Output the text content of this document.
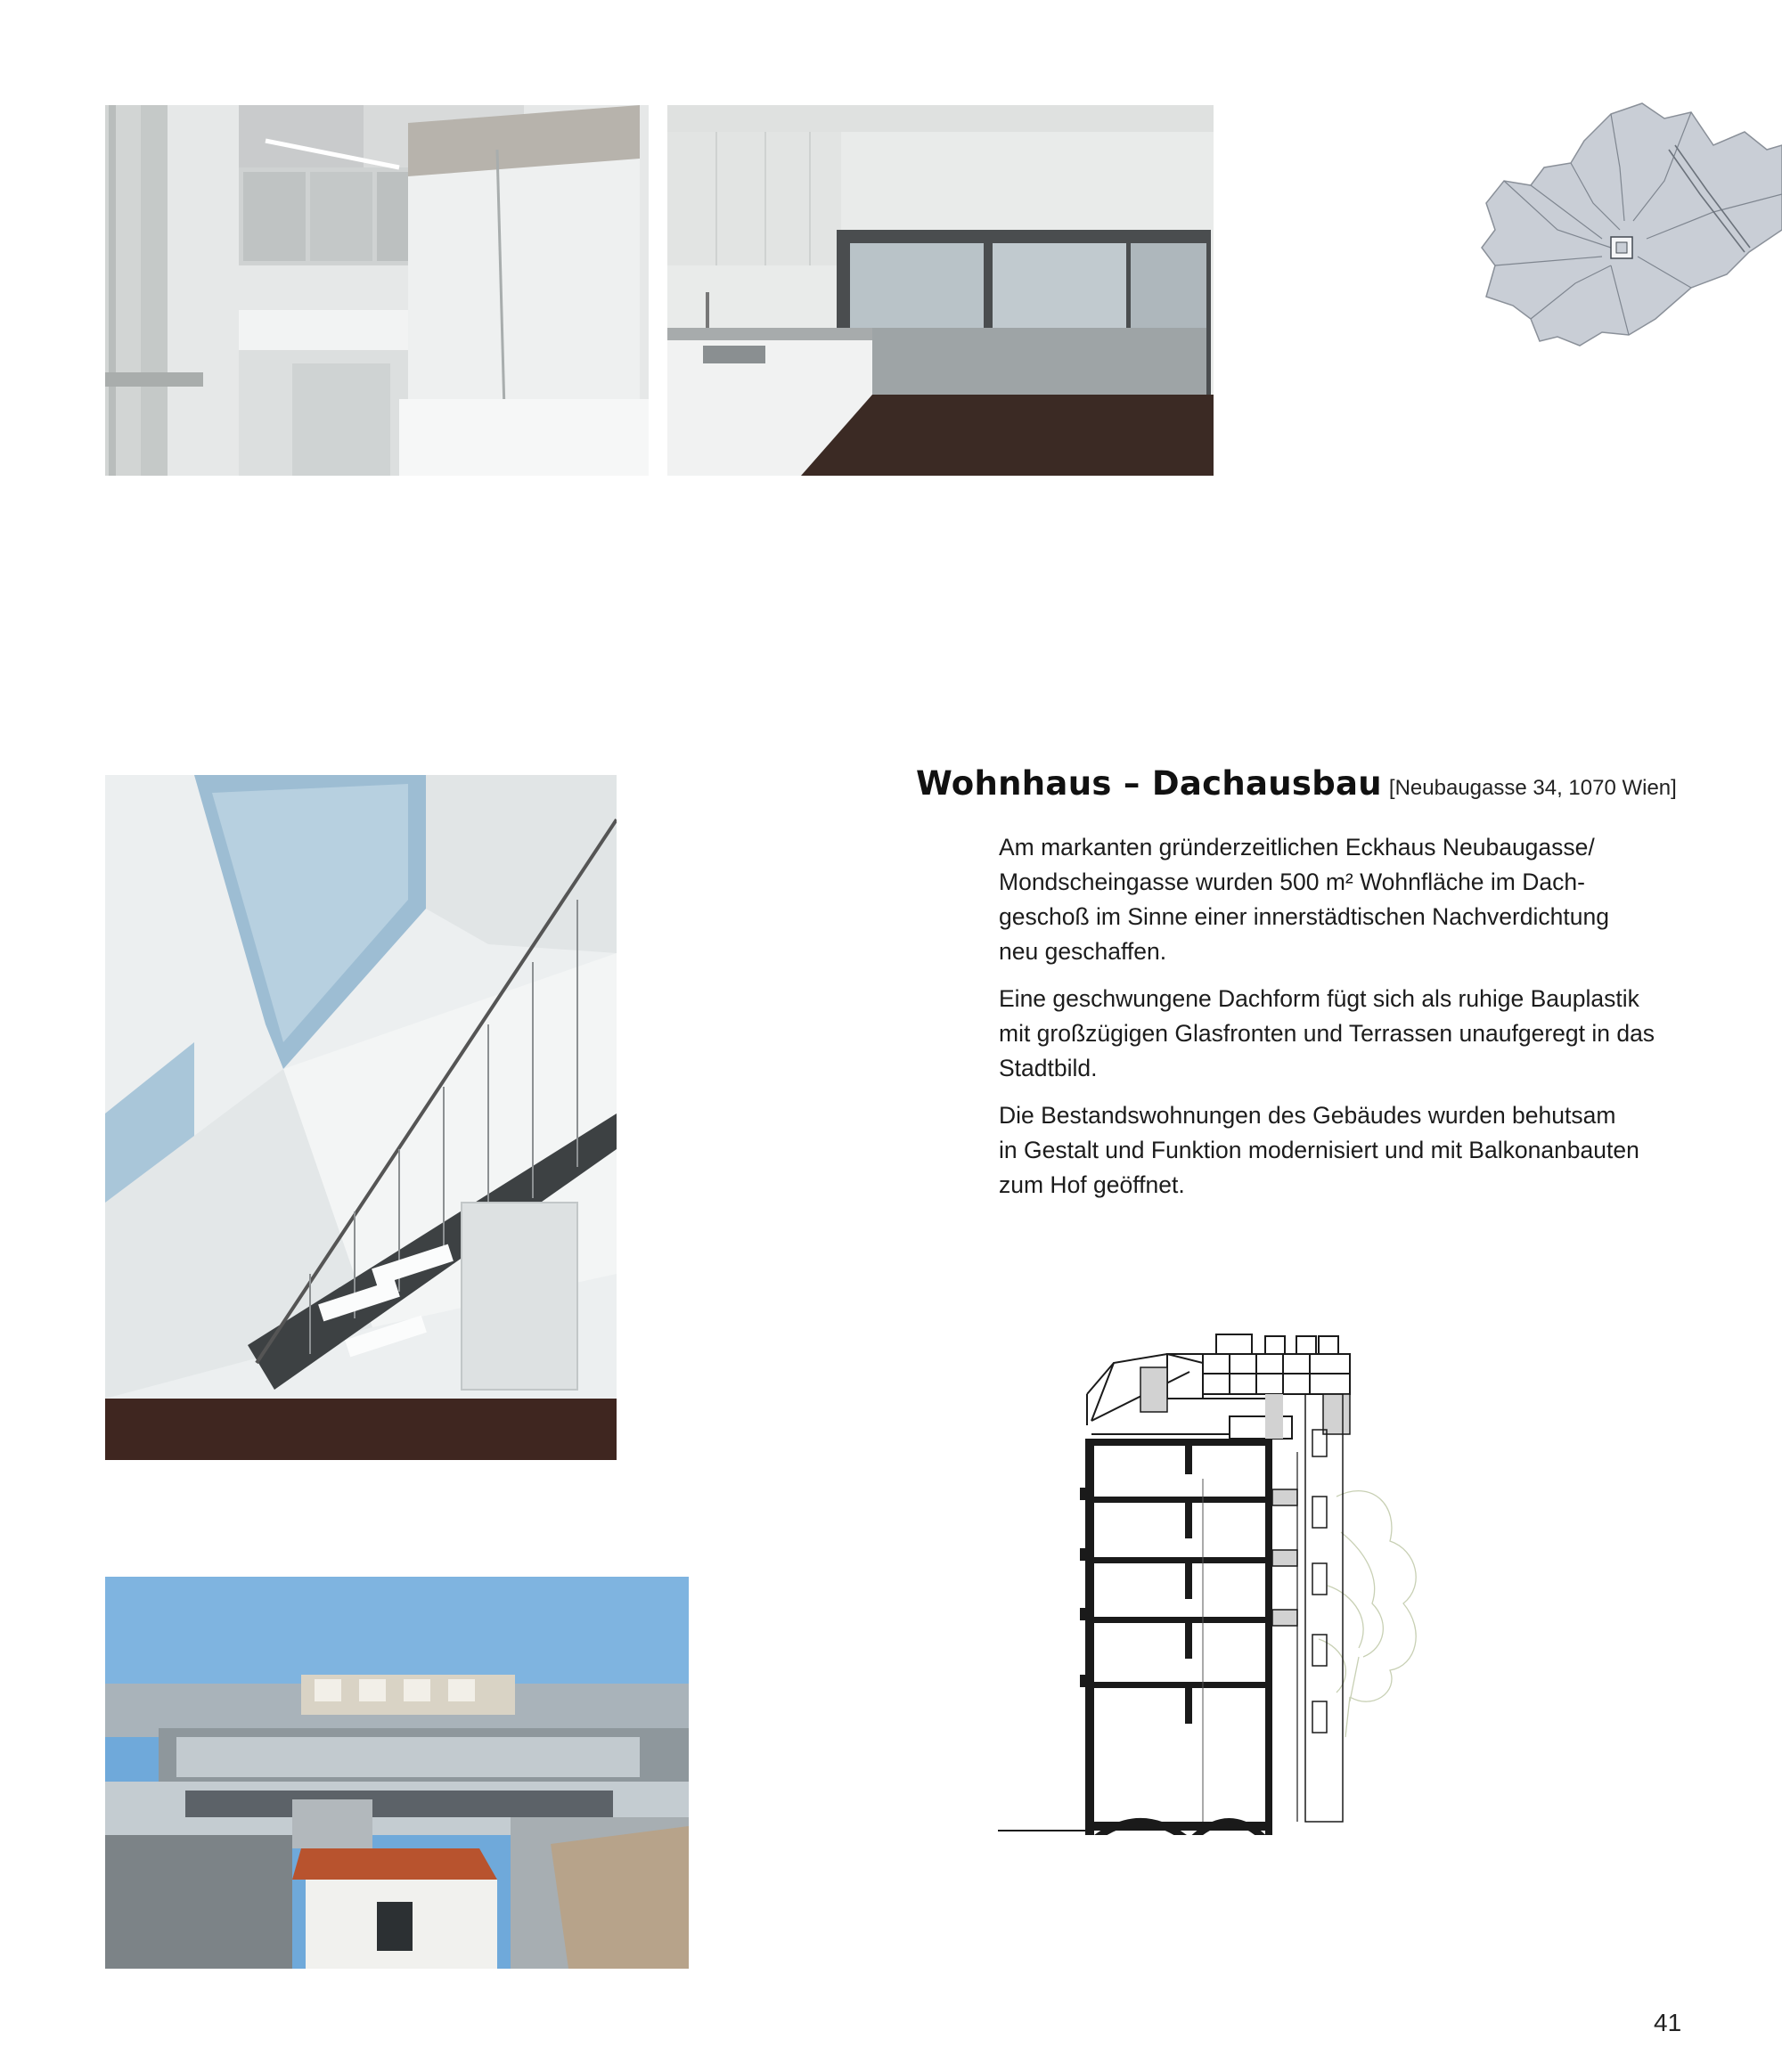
Wohnhaus – Dachausbau [Neubaugasse 34, 1070 Wien]

Am markanten gründerzeitlichen Eckhaus Neubaugasse/
Mondscheingasse wurden 500 m² Wohnfläche im Dach-
geschoß im Sinne einer innerstädtischen Nachverdichtung
neu geschaffen.

Eine geschwungene Dachform fügt sich als ruhige Bauplastik
mit großzügigen Glasfronten und Terrassen unaufgeregt in das
Stadtbild.

Die Bestandswohnungen des Gebäudes wurden behutsam
in Gestalt und Funktion modernisiert und mit Balkonanbauten
zum Hof geöffnet.

41
